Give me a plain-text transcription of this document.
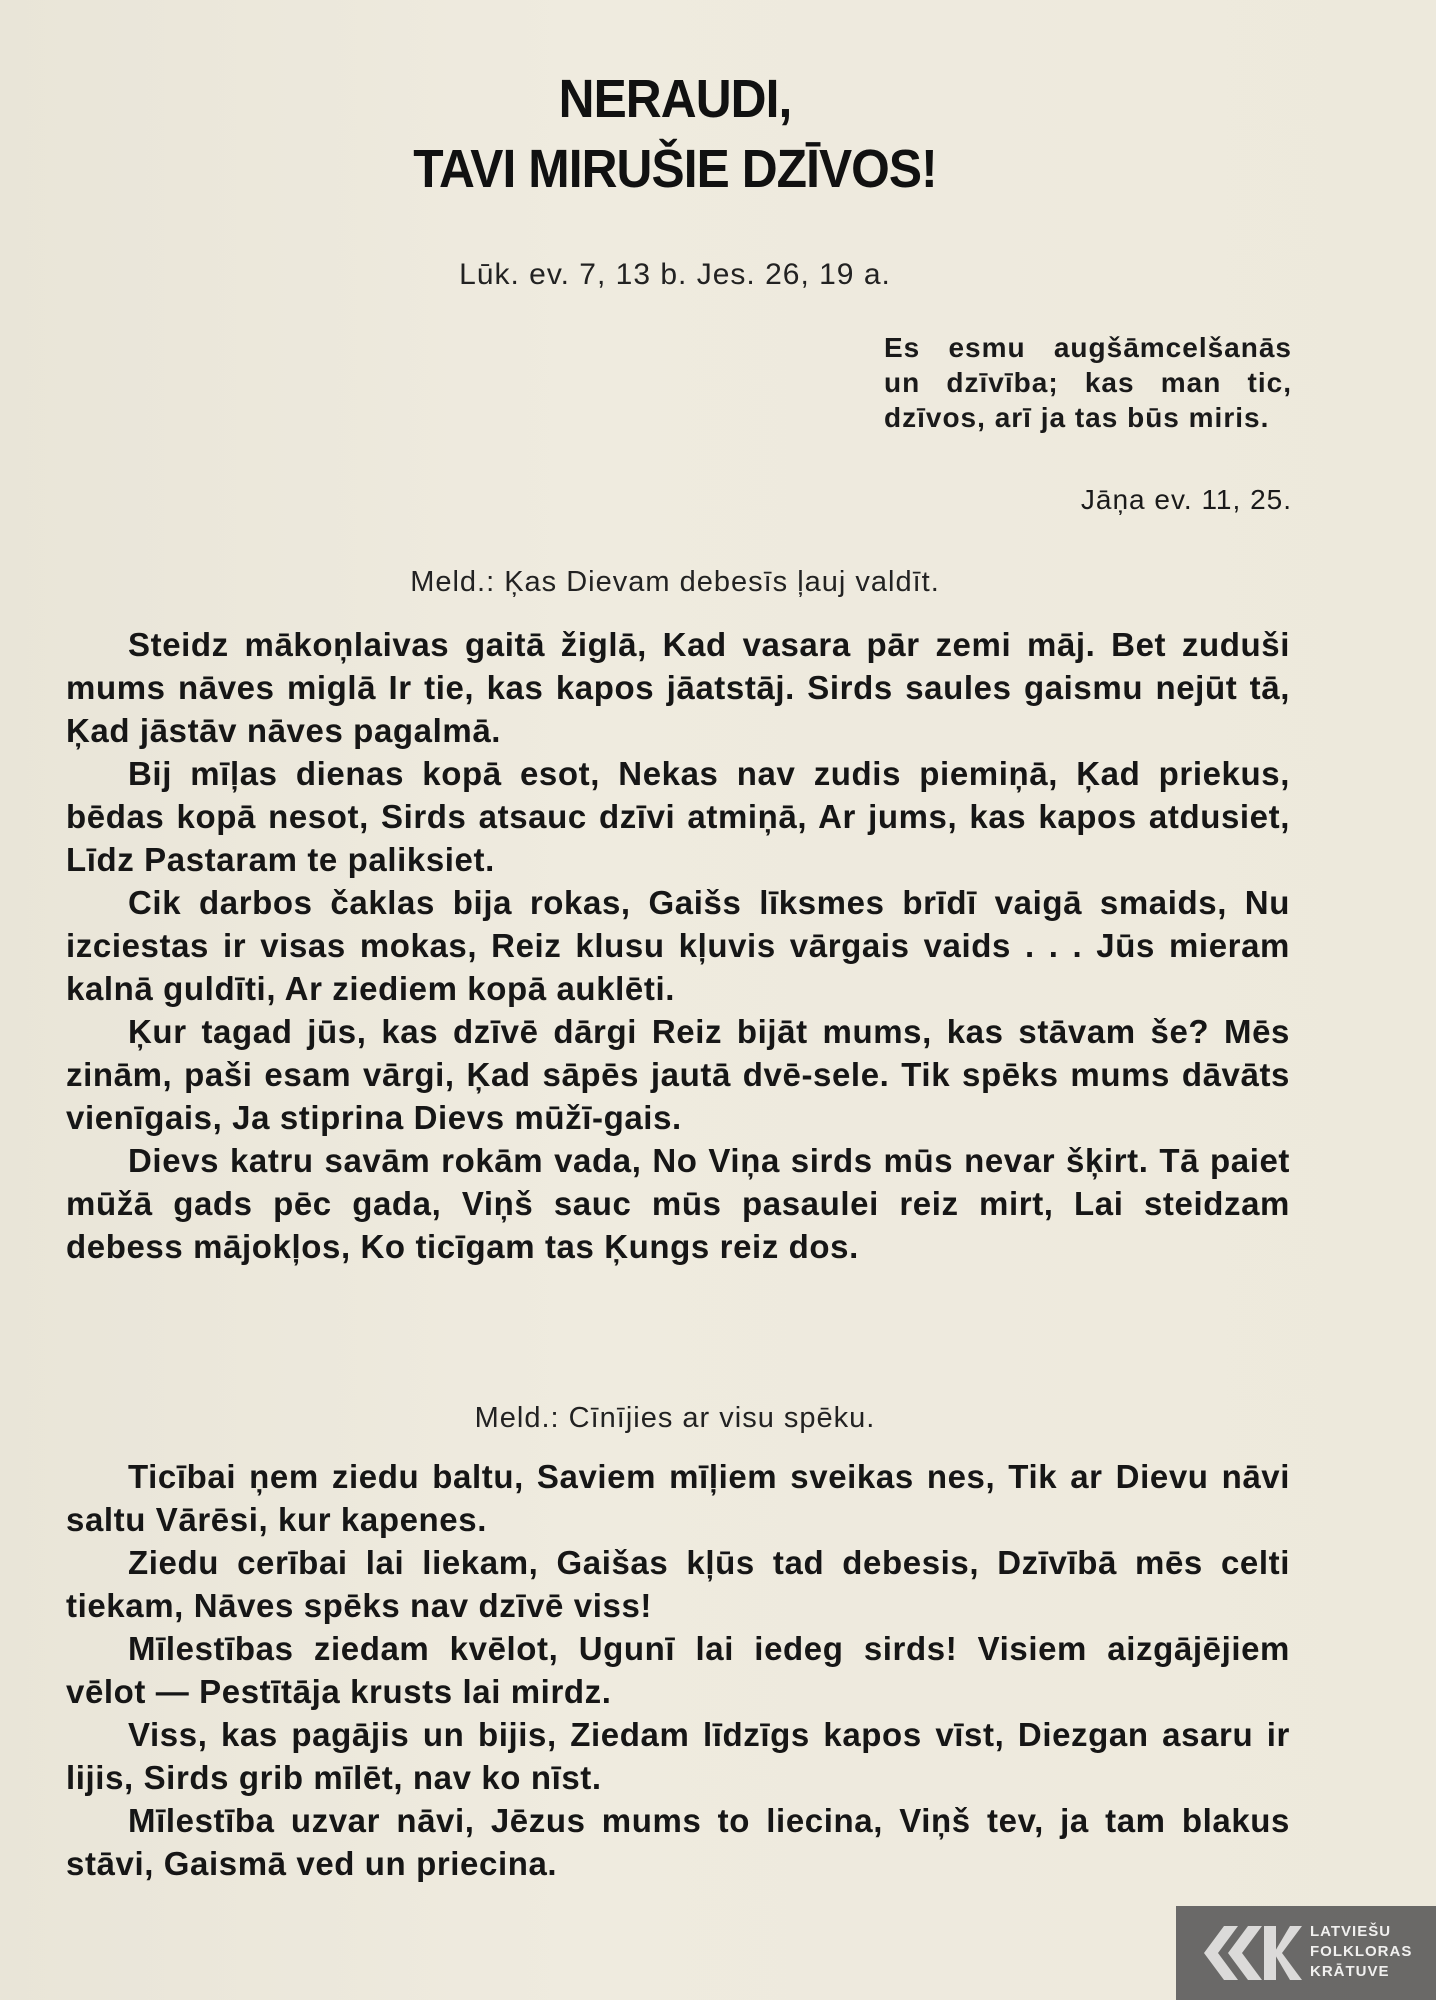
NERAUDI,
TAVI MIRUŠIE DZĪVOS!
Lūk. ev. 7, 13 b. Jes. 26, 19 a.
Es esmu augšāmcelšanās un dzīvība; kas man tic, dzīvos, arī ja tas būs miris.
Jāņa ev. 11, 25.
Meld.: Ķas Dievam debesīs ļauj valdīt.

Steidz mākoņlaivas gaitā žiglā, Kad vasara pār zemi māj. Bet zuduši mums nāves miglā Ir tie, kas kapos jāatstāj. Sirds saules gaismu nejūt tā, Ķad jāstāv nāves pagalmā.

Bij mīļas dienas kopā esot, Nekas nav zudis piemiņā, Ķad priekus, bēdas kopā nesot, Sirds atsauc dzīvi atmiņā, Ar jums, kas kapos atdusiet, Līdz Pastaram te paliksiet.

Cik darbos čaklas bija rokas, Gaišs līksmes brīdī vaigā smaids, Nu izciestas ir visas mokas, Reiz klusu kļuvis vārgais vaids . . . Jūs mieram kalnā guldīti, Ar ziediem kopā auklēti.

Ķur tagad jūs, kas dzīvē dārgi Reiz bijāt mums, kas stāvam še? Mēs zinām, paši esam vārgi, Ķad sāpēs jautā dvē-sele. Tik spēks mums dāvāts vienīgais, Ja stiprina Dievs mūžī-gais.

Dievs katru savām rokām vada, No Viņa sirds mūs nevar šķirt. Tā paiet mūžā gads pēc gada, Viņš sauc mūs pasaulei reiz mirt, Lai steidzam debess mājokļos, Ko ticīgam tas Ķungs reiz dos.

Meld.: Cīnījies ar visu spēku.

Ticībai ņem ziedu baltu, Saviem mīļiem sveikas nes, Tik ar Dievu nāvi saltu Vārēsi, kur kapenes.

Ziedu cerībai lai liekam, Gaišas kļūs tad debesis, Dzīvībā mēs celti tiekam, Nāves spēks nav dzīvē viss!

Mīlestības ziedam kvēlot, Ugunī lai iedeg sirds! Visiem aizgājējiem vēlot — Pestītāja krusts lai mirdz.

Viss, kas pagājis un bijis, Ziedam līdzīgs kapos vīst, Diezgan asaru ir lijis, Sirds grib mīlēt, nav ko nīst.

Mīlestība uzvar nāvi, Jēzus mums to liecina, Viņš tev, ja tam blakus stāvi, Gaismā ved un priecina.

LATVIEŠU
FOLKLORAS
KRĀTUVE
